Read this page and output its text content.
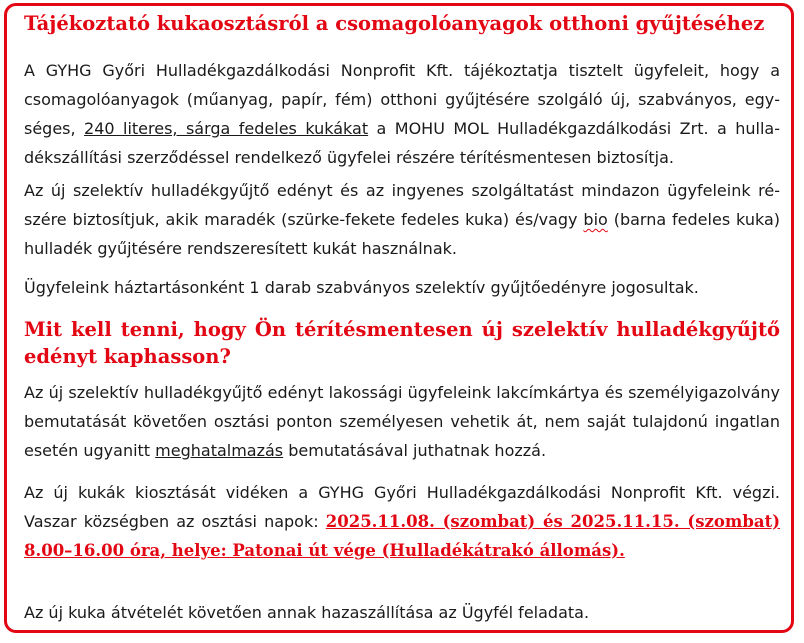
Tájékoztató kukaosztásról a csomagolóanyagok otthoni gyűjtéséhez

A GYHG Győri Hulladékgazdálkodási Nonprofit Kft. tájékoztatja tisztelt ügyfeleit, hogy a csomagolóanyagok (műanyag, papír, fém) otthoni gyűjtésére szolgáló új, szabványos, egységes, 240 literes, sárga fedeles kukákat a MOHU MOL Hulladékgazdálkodási Zrt. a hulladékszállítási szerződéssel rendelkező ügyfelei részére térítésmentesen biztosítja.

Az új szelektív hulladékgyűjtő edényt és az ingyenes szolgáltatást mindazon ügyfeleink részére biztosítjuk, akik maradék (szürke-fekete fedeles kuka) és/vagy bio (barna fedeles kuka) hulladék gyűjtésére rendszeresített kukát használnak.

Ügyfeleink háztartásonként 1 darab szabványos szelektív gyűjtőedényre jogosultak.

Mit kell tenni, hogy Ön térítésmentesen új szelektív hulladékgyűjtő edényt kaphasson?

Az új szelektív hulladékgyűjtő edényt lakossági ügyfeleink lakcímkártya és személyigazolvány bemutatását követően osztási ponton személyesen vehetik át, nem saját tulajdonú ingatlan esetén ugyanitt meghatalmazás bemutatásával juthatnak hozzá.

Az új kukák kiosztását vidéken a GYHG Győri Hulladékgazdálkodási Nonprofit Kft. végzi. Vaszar községben az osztási napok: 2025.11.08. (szombat) és 2025.11.15. (szombat) 8.00–16.00 óra, helye: Patonai út vége (Hulladékátrakó állomás).

Az új kuka átvételét követően annak hazaszállítása az Ügyfél feladata.
